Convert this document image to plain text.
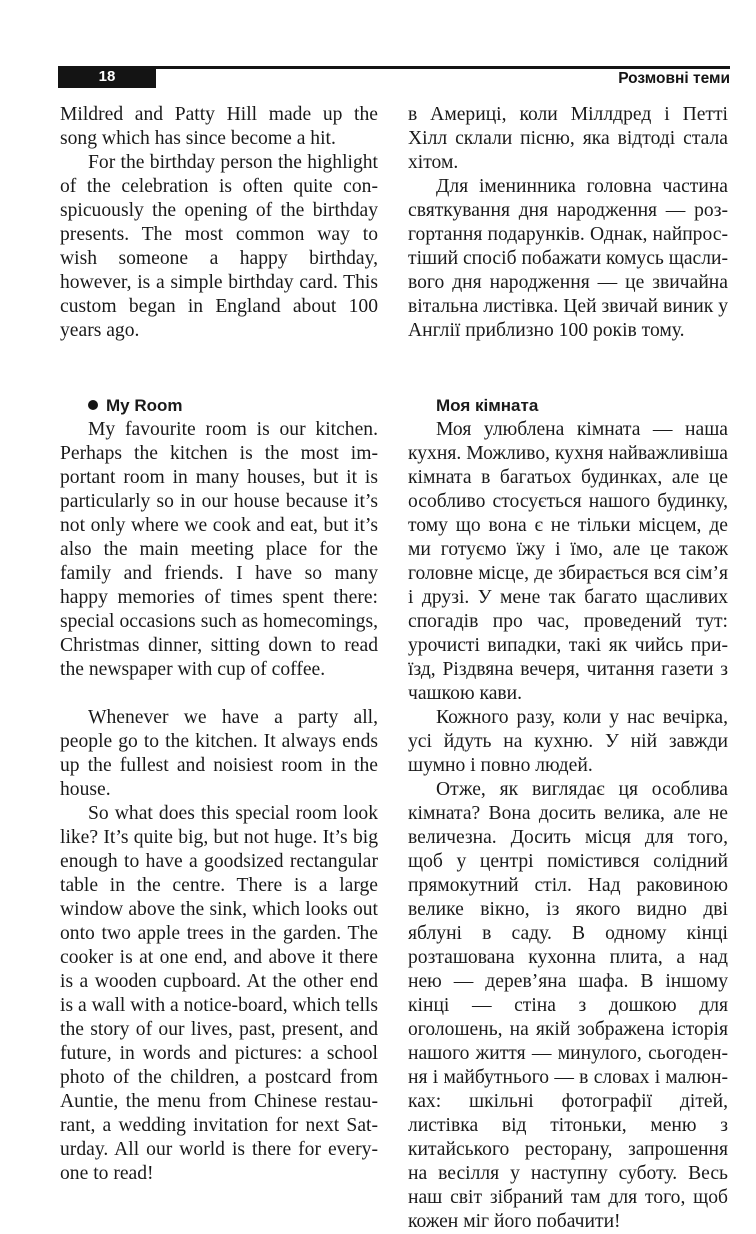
18	Розмовні теми

Mildred and Patty Hill made up the song which has since become a hit.

For the birthday person the highlight of the celebration is often quite conspicuously the opening of the birthday presents. The most common way to wish someone a happy birthday, however, is a simple birthday card. This custom began in England about 100 years ago.

My Room

My favourite room is our kitchen. Perhaps the kitchen is the most important room in many houses, but it is particularly so in our house because it’s not only where we cook and eat, but it’s also the main meeting place for the family and friends. I have so many happy memories of times spent there: special occasions such as homecomings, Christmas dinner, sitting down to read the newspaper with cup of coffee.

Whenever we have a party all, people go to the kitchen. It always ends up the fullest and noisiest room in the house.

So what does this special room look like? It’s quite big, but not huge. It’s big enough to have a goodsized rectangular table in the centre. There is a large window above the sink, which looks out onto two apple trees in the garden. The cooker is at one end, and above it there is a wooden cupboard. At the other end is a wall with a notice-board, which tells the story of our lives, past, present, and future, in words and pictures: a school photo of the children, a postcard from Auntie, the menu from Chinese restaurant, a wedding invitation for next Saturday. All our world is there for everyone to read!

в Америці, коли Міллдред і Петті Хілл склали пісню, яка відтоді стала хітом.

Для іменинника головна частина святкування дня народження — розгортання подарунків. Однак, найпростіший спосіб побажати комусь щасливого дня народження — це звичайна вітальна листівка. Цей звичай виник у Англії приблизно 100 років тому.

Моя кімната

Моя улюблена кімната — наша кухня. Можливо, кухня найважливіша кімната в багатьох будинках, але це особливо стосується нашого будинку, тому що вона є не тільки місцем, де ми готуємо їжу і їмо, але це також головне місце, де збирається вся сім’я і друзі. У мене так багато щасливих спогадів про час, проведений тут: урочисті випадки, такі як чийсь приїзд, Різдвяна вечеря, читання газети з чашкою кави.

Кожного разу, коли у нас вечірка, усі йдуть на кухню. У ній завжди шумно і повно людей.

Отже, як виглядає ця особлива кімната? Вона досить велика, але не величезна. Досить місця для того, щоб у центрі помістився солідний прямокутний стіл. Над раковиною велике вікно, із якого видно дві яблуні в саду. В одному кінці розташована кухонна плита, а над нею — дерев’яна шафа. В іншому кінці — стіна з дошкою для оголошень, на якій зображена історія нашого життя — минулого, сьогодення і майбутнього — в словах і малюнках: шкільні фотографії дітей, листівка від тітоньки, меню з китайського ресторану, запрошення на весілля у наступну суботу. Весь наш світ зібраний там для того, щоб кожен міг його побачити!
